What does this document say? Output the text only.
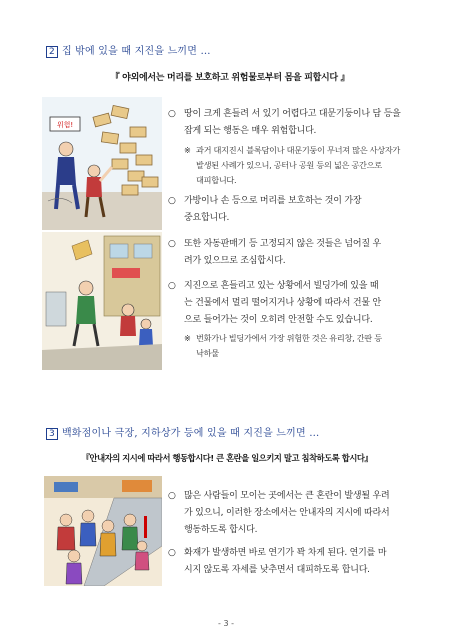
2 집 밖에 있을 때 지진을 느끼면 …
『 야외에서는 머리를 보호하고 위험물로부터 몸을 피합시다 』
위험!
○ 땅이 크게 흔들려 서 있기 어렵다고 대문기둥이나 담 등을
잡게 되는 행동은 매우 위험합니다.
※ 과거 대지진시 블록담이나 대문기둥이 무너져 많은 사상자가
발생된 사례가 있으니, 공터나 공원 등의 넓은 공간으로
대피합니다.
○ 가방이나 손 등으로 머리를 보호하는 것이 가장
중요합니다.
○ 또한 자동판매기 등 고정되지 않은 것들은 넘어질 우
려가 있으므로 조심합시다.
○ 지진으로 흔들리고 있는 상황에서 빌딩가에 있을 때
는 건물에서 멀리 떨어지거나 상황에 따라서 건물 안
으로 들어가는 것이 오히려 안전할 수도 있습니다.
※ 번화가나 빌딩가에서 가장 위험한 것은 유리창, 간판 등
낙하물
3 백화점이나 극장, 지하상가 등에 있을 때 지진을 느끼면 …
『안내자의 지시에 따라서 행동합시다! 큰 혼란을 일으키지 말고 침착하도록 합시다』
○ 많은 사람들이 모이는 곳에서는 큰 혼란이 발생될 우려
가 있으니, 이러한 장소에서는 안내자의 지시에 따라서
행동하도록 합시다.
○ 화재가 발생하면 바로 연기가 꽉 차게 된다. 연기를 마
시지 않도록 자세를 낮추면서 대피하도록 합니다.
- 3 -
